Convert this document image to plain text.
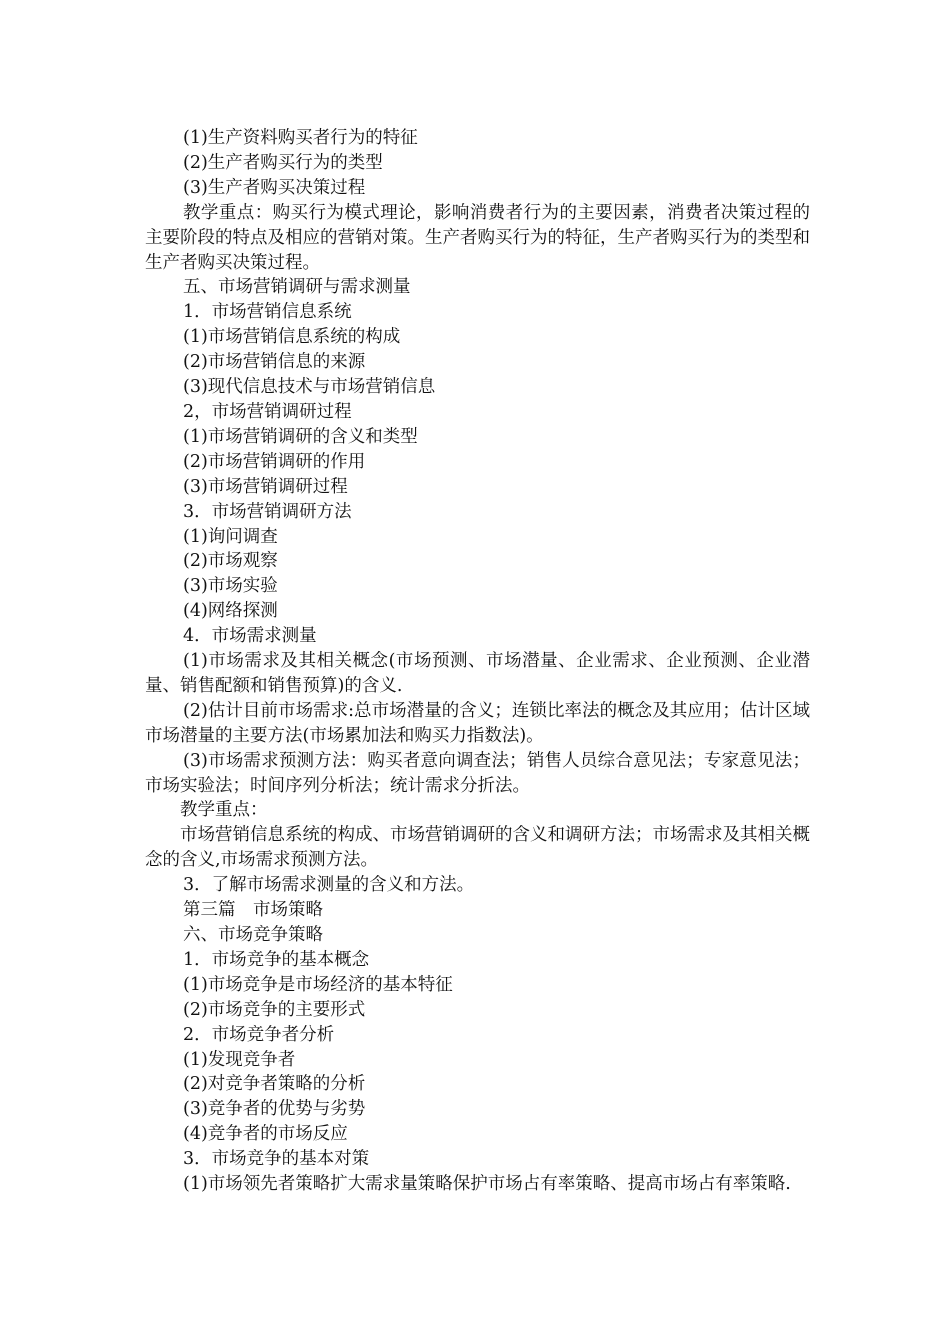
(1)生产资料购买者行为的特征
(2)生产者购买行为的类型
(3)生产者购买决策过程

教学重点：购买行为模式理论，影响消费者行为的主要因素，消费者决策过程的主要阶段的特点及相应的营销对策。生产者购买行为的特征，生产者购买行为的类型和生产者购买决策过程。

五、市场营销调研与需求测量
1．市场营销信息系统
(1)市场营销信息系统的构成
(2)市场营销信息的来源
(3)现代信息技术与市场营销信息
2，市场营销调研过程
(1)市场营销调研的含义和类型
(2)市场营销调研的作用
(3)市场营销调研过程
3．市场营销调研方法
(1)询问调查
(2)市场观察
(3)市场实验
(4)网络探测
4．市场需求测量

(1)市场需求及其相关概念(市场预测、市场潜量、企业需求、企业预测、企业潜量、销售配额和销售预算)的含义.

(2)估计目前市场需求:总市场潜量的含义；连锁比率法的概念及其应用；估计区域市场潜量的主要方法(市场累加法和购买力指数法)。

(3)市场需求预测方法：购买者意向调查法；销售人员综合意见法；专家意见法；市场实验法；时间序列分析法；统计需求分折法。

教学重点：

市场营销信息系统的构成、市场营销调研的含义和调研方法；市场需求及其相关概念的含义,市场需求预测方法。

3．了解市场需求测量的含义和方法。
第三篇　市场策略
六、市场竞争策略
1．市场竞争的基本概念
(1)市场竞争是市场经济的基本特征
(2)市场竞争的主要形式
2．市场竞争者分析
(1)发现竞争者
(2)对竞争者策略的分析
(3)竞争者的优势与劣势
(4)竞争者的市场反应
3．市场竞争的基本对策

(1)市场领先者策略扩大需求量策略保护市场占有率策略、提高市场占有率策略.
